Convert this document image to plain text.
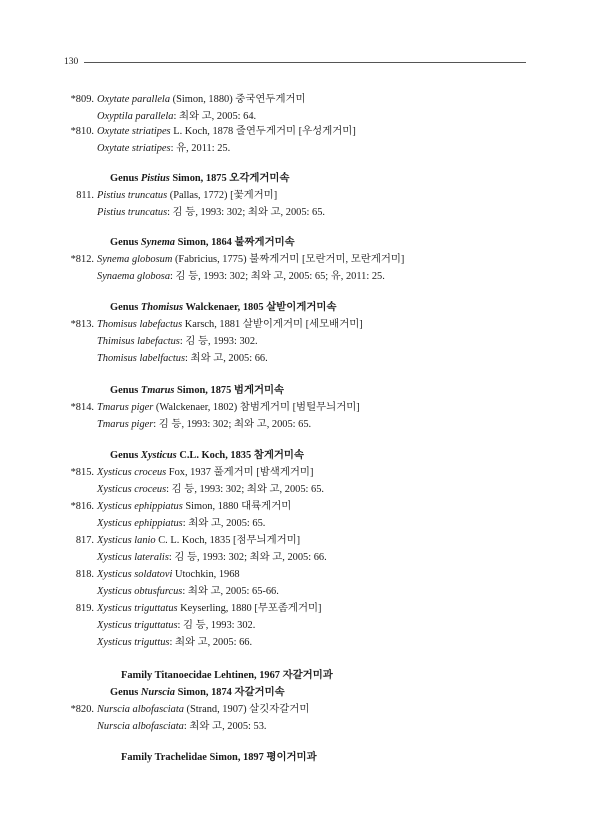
130
*809. Oxytate parallela (Simon, 1880) 중국연두게거미
Oxyptila parallela: 최와 고, 2005: 64.
*810. Oxytate striatipes L. Koch, 1878 줄연두게거미 [우성게거미]
Oxytate striatipes: 유, 2011: 25.
Genus Pistius Simon, 1875 오각게거미속
811. Pistius truncatus (Pallas, 1772) [꽃게거미]
Pistius truncatus: 김 등, 1993: 302; 최와 고, 2005: 65.
Genus Synema Simon, 1864 불짜게거미속
*812. Synema globosum (Fabricius, 1775) 불짜게거미 [모란거미, 모란게거미]
Synaema globosa: 김 등, 1993: 302; 최와 고, 2005: 65; 유, 2011: 25.
Genus Thomisus Walckenaer, 1805 살받이게거미속
*813. Thomisus labefactus Karsch, 1881 살받이게거미 [세모배거미]
Thimisus labefactus: 김 등, 1993: 302.
Thomisus labelfactus: 최와 고, 2005: 66.
Genus Tmarus Simon, 1875 범게거미속
*814. Tmarus piger (Walckenaer, 1802) 참범게거미 [범털무늬거미]
Tmarus piger: 김 등, 1993: 302; 최와 고, 2005: 65.
Genus Xysticus C.L. Koch, 1835 참게거미속
*815. Xysticus croceus Fox, 1937 풀게거미 [밤색게거미]
Xysticus croceus: 김 등, 1993: 302; 최와 고, 2005: 65.
*816. Xysticus ephippiatus Simon, 1880 대륙게거미
Xysticus ephippiatus: 최와 고, 2005: 65.
817. Xysticus lanio C. L. Koch, 1835 [점무늬게거미]
Xysticus lateralis: 김 등, 1993: 302; 최와 고, 2005: 66.
818. Xysticus soldatovi Utochkin, 1968
Xysticus obtusfurcus: 최와 고, 2005: 65-66.
819. Xysticus triguttatus Keyserling, 1880 [무포좀게거미]
Xysticus triguttatus: 김 등, 1993: 302.
Xysticus triguttus: 최와 고, 2005: 66.
Family Titanoecidae Lehtinen, 1967 자갈거미과
Genus Nurscia Simon, 1874 자갈거미속
*820. Nurscia albofasciata (Strand, 1907) 살깃자갈거미
Nurscia albofasciata: 최와 고, 2005: 53.
Family Trachelidae Simon, 1897 평이거미과
